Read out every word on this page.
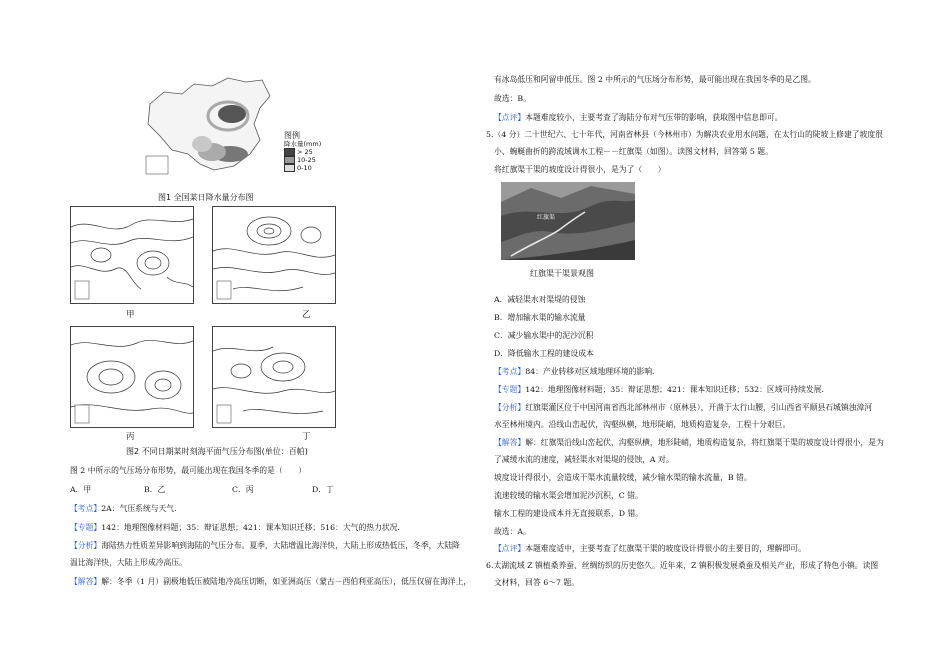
图例
降水量(mm)
> 25
10-25
0-10
图1 全国某日降水量分布图
甲	乙
丙	丁
图2 不同日期某时刻海平面气压分布图(单位：百帕)
图 2 中所示的气压场分布形势，最可能出现在我国冬季的是（　　）
A．甲	B．乙	C．丙	D．丁
【考点】2A：气压系统与天气．
【专题】142：地理图像材料题；35：辩证思想；421：课本知识迁移；516：大气的热力状况．
【分析】海陆热力性质差异影响到海陆的气压分布。夏季，大陆增温比海洋快，大陆上形成热低压，冬季，大陆降
温比海洋快，大陆上形成冷高压。
【解答】解：冬季（1 月）副极地低压被陆地冷高压切断，如亚洲高压（蒙古－西伯利亚高压），低压仅留在海洋上，
有冰岛低压和阿留申低压。图 2 中所示的气压场分布形势，最可能出现在我国冬季的是乙图。
故选：B。
【点评】本题难度较小，主要考查了海陆分布对气压带的影响，获取图中信息即可。
5.（4 分）二十世纪六、七十年代，河南省林县（今林州市）为解决农业用水问题，在太行山的陡坡上修建了坡度很
小、蜿蜒曲折的跨流域调水工程－－红旗渠（如图）。读图文材料，回答第 5 题。
将红旗渠干渠的坡度设计得很小，是为了（　　）
红旗渠
红旗渠干渠景观图
A．减轻渠水对渠堤的侵蚀
B．增加输水渠的输水流量
C．减少输水渠中的泥沙沉积
D．降低输水工程的建设成本
【考点】84：产业转移对区域地理环境的影响．
【专题】142：地理图像材料题；35：辩证思想；421：课本知识迁移；532：区域可持续发展．
【分析】红旗渠灌区位于中国河南省西北部林州市（原林县），开凿于太行山腰，引山西省平顺县石城镇浊漳河
水至林州境内。沿线山峦起伏，沟壑纵横，地形陡峭，地质构造复杂，工程十分艰巨。
【解答】解：红旗渠沿线山峦起伏，沟壑纵横，地形陡峭，地质构造复杂，将红旗渠干渠的坡度设计得很小，是为
了减缓水流的速度，减轻渠水对渠堤的侵蚀，A 对。
坡度设计得很小，会造成干渠水流量较缓，减少输水渠的输水流量，B 错。
流速较缓的输水渠会增加泥沙沉积，C 错。
输水工程的建设成本并无直接联系，D 错。
故选：A。
【点评】本题难度适中，主要考查了红旗渠干渠的坡度设计得很小的主要目的，理解即可。
6.太湖流域 Z 镇植桑养蚕、丝绸纺织的历史悠久。近年来，Z 镇积极发展桑蚕及相关产业，形成了特色小镇。读图
文材料，回答 6～7 题。
